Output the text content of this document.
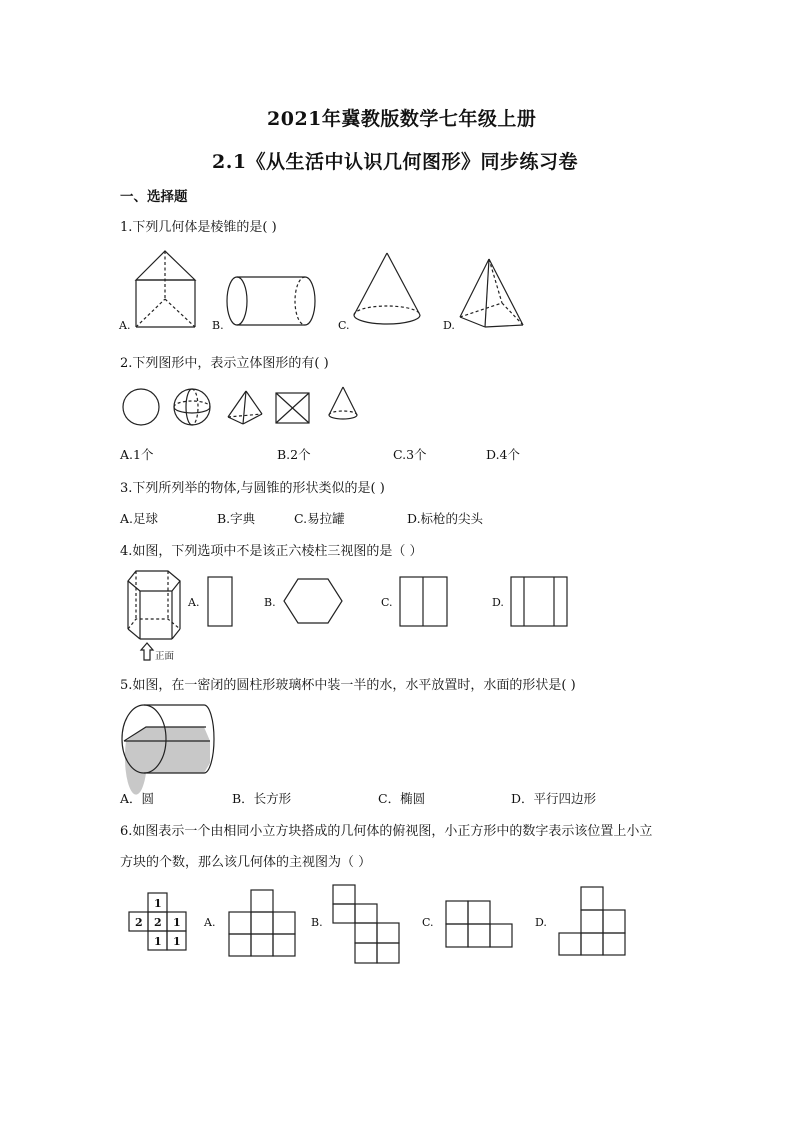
2021年冀教版数学七年级上册
2.1《从生活中认识几何图形》同步练习卷
一、选择题
1.下列几何体是棱锥的是( )
A.	B.	C.	D.
2.下列图形中，表示立体图形的有( )
A.1个	B.2个	C.3个	D.4个
3.下列所列举的物体,与圆锥的形状类似的是( )
A.足球	B.字典	C.易拉罐	D.标枪的尖头
4.如图，下列选项中不是该正六棱柱三视图的是（ ）
正面
A.	B.	C.	D.
5.如图，在一密闭的圆柱形玻璃杯中装一半的水，水平放置时，水面的形状是( )
A．圆	B．长方形	C．椭圆	D．平行四边形
6.如图表示一个由相同小立方块搭成的几何体的俯视图，小正方形中的数字表示该位置上小立
方块的个数，那么该几何体的主视图为（ ）
1
2 2 1
1 1
A.	B.	C.	D.
